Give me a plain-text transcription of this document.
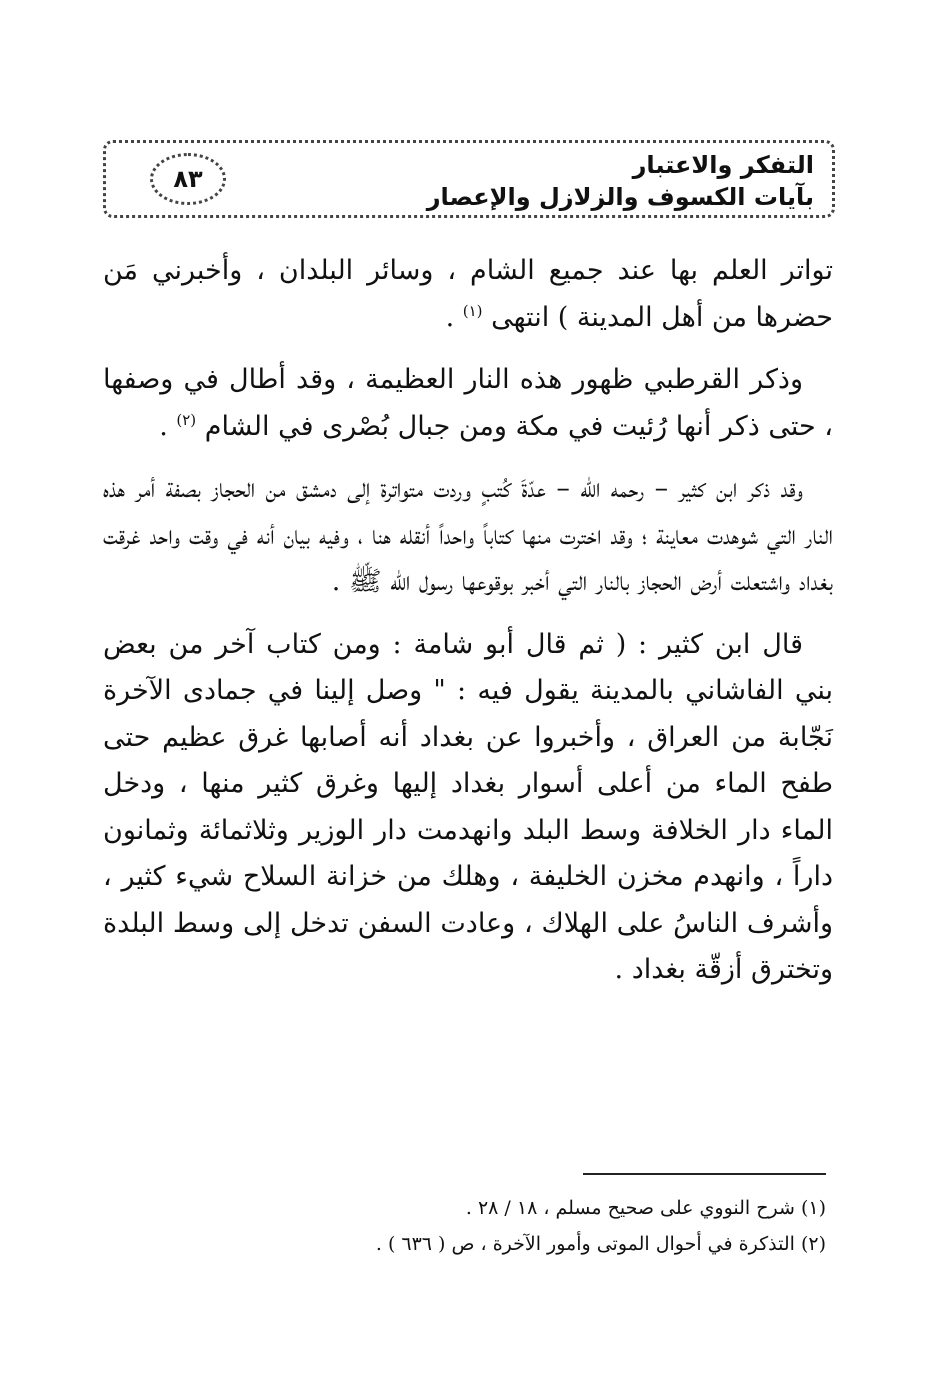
التفكر والاعتبار
بآيات الكسوف والزلازل والإعصار
٨٣

تواتر العلم بها عند جميع الشام ، وسائر البلدان ، وأخبرني مَن حضرها من أهل المدينة ) انتهى $^{(١)}$ .

وذكر القرطبي ظهور هذه النار العظيمة ، وقد أطال في وصفها ، حتى ذكر أنها رُئيت في مكة ومن جبال بُصْرى في الشام $^{(٢)}$ .

وقد ذكر ابن كثير – رحمه الله – عدّةَ كُتبٍ وردت متواترة إلى دمشق من الحجاز بصفة أمر هذه النار التي شوهدت معاينة ؛ وقد اخترت منها كتاباً واحداً أنقله هنا ، وفيه بيان أنه في وقت واحد غرقت بغداد واشتعلت أرض الحجاز بالنار التي أخبر بوقوعها رسول الله ﷺ .

قال ابن كثير : ( ثم قال أبو شامة : ومن كتاب آخر من بعض بني الفاشاني بالمدينة يقول فيه : " وصل إلينا في جمادى الآخرة نَجّابة من العراق ، وأخبروا عن بغداد أنه أصابها غرق عظيم حتى طفح الماء من أعلى أسوار بغداد إليها وغرق كثير منها ، ودخل الماء دار الخلافة وسط البلد وانهدمت دار الوزير وثلاثمائة وثمانون داراً ، وانهدم مخزن الخليفة ، وهلك من خزانة السلاح شيء كثير ، وأشرف الناسُ على الهلاك ، وعادت السفن تدخل إلى وسط البلدة وتخترق أزقّة بغداد .

(١) شرح النووي على صحيح مسلم ، ١٨ / ٢٨ .
(٢) التذكرة في أحوال الموتى وأمور الآخرة ، ص ( ٦٣٦ ) .
